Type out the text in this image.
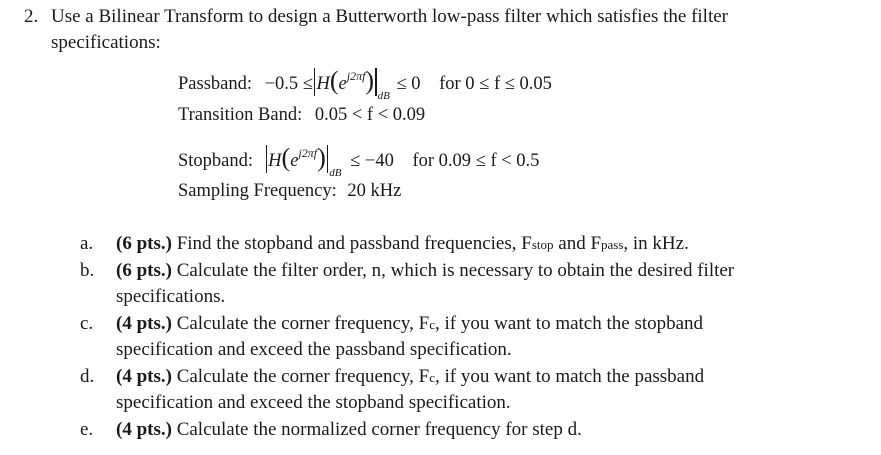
2. Use a Bilinear Transform to design a Butterworth low-pass filter which satisfies the filter
specifications:
Passband: $-0.5 \le H(e^{j2\pi f})_{dB} \le 0$ for 0 ≤ f ≤ 0.05
Transition Band: 0.05 < f < 0.09
Stopband: $H(e^{j2\pi f})_{dB} \le -40$ for 0.09 ≤ f < 0.5
Sampling Frequency: 20 kHz
a. (6 pts.) Find the stopband and passband frequencies, Fstop and Fpass, in kHz.
b. (6 pts.) Calculate the filter order, n, which is necessary to obtain the desired filter
specifications.
c. (4 pts.) Calculate the corner frequency, Fc, if you want to match the stopband
specification and exceed the passband specification.
d. (4 pts.) Calculate the corner frequency, Fc, if you want to match the passband
specification and exceed the stopband specification.
e. (4 pts.) Calculate the normalized corner frequency for step d.
